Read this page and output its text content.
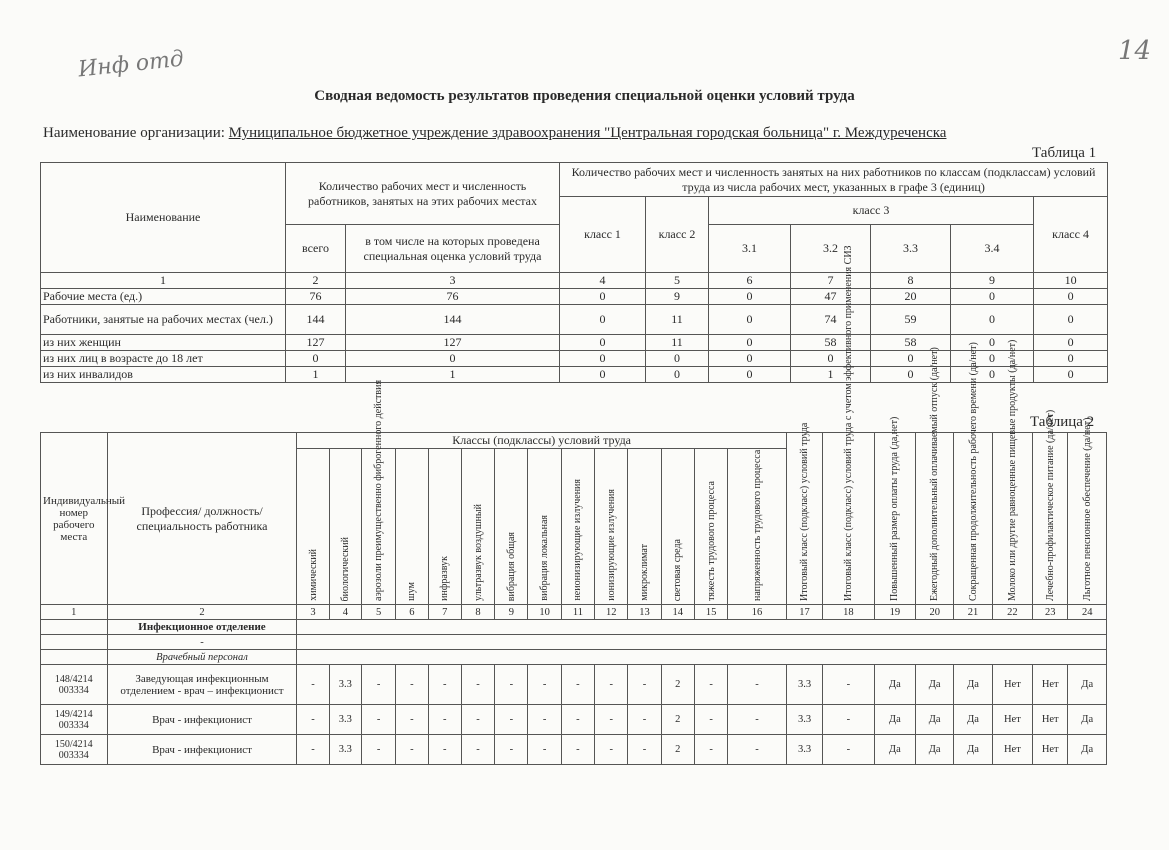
Инф отд	14
Сводная ведомость результатов проведения специальной оценки условий труда
Наименование организации: Муниципальное бюджетное учреждение здравоохранения "Центральная городская больница" г. Междуреченска
Таблица 1
Наименование	Количество рабочих мест и численность работников, занятых на этих рабочих местах		Количество рабочих мест и численность занятых на них работников по классам (подклассам) условий труда из числа рабочих мест, указанных в графе 3 (единиц)						
			класс 1	класс 2	класс 3				класс 4
	всего	в том числе на которых проведена специальная оценка условий труда			3.1	3.2	3.3	3.4	
1	2	3	4	5	6	7	8	9	10
Рабочие места (ед.)	76	76	0	9	0	47	20	0	0
Работники, занятые на рабочих местах (чел.)	144	144	0	11	0	74	59	0	0
из них женщин	127	127	0	11	0	58	58	0	0
из них лиц в возрасте до 18 лет	0	0	0	0	0	0	0	0	0
из них инвалидов	1	1	0	0	0	1	0	0	0
Таблица 2
Индивидуальный номер рабочего места	Профессия/ должность/ специальность работника	Классы (подклассы) условий труда														Итоговый класс (подкласс) условий труда	Итоговый класс (подкласс) условий труда с учетом эффективного применения СИЗ	Повышенный размер оплаты труда (да,нет)	Ежегодный дополнительный оплачиваемый отпуск (да/нет)	Сокращенная продолжительность рабочего времени (да/нет)	Молоко или другие равноценные пищевые продукты (да/нет)	Лечебно-профилактическое питание (да/нет)	Льготное пенсионное обеспечение (да/нет)
		химический	биологический	аэрозоли преимущественно фиброгенного действия	шум	инфразвук	ультразвук воздушный	вибрация общая	вибрация локальная	неионизирующие излучения	ионизирующие излучения	микроклимат	световая среда	тяжесть трудового процесса	напряженность трудового процесса								
1	2	3	4	5	6	7	8	9	10	11	12	13	14	15	16	17	18	19	20	21	22	23	24
	Инфекционное отделение																						
	-																						
	Врачебный персонал																						
148/4214 003334	Заведующая инфекционным отделением - врач – инфекционист	-	3.3	-	-	-	-	-	-	-	-	-	2	-	-	3.3	-	Да	Да	Да	Нет	Нет	Да
149/4214 003334	Врач - инфекционист	-	3.3	-	-	-	-	-	-	-	-	-	2	-	-	3.3	-	Да	Да	Да	Нет	Нет	Да
150/4214 003334	Врач - инфекционист	-	3.3	-	-	-	-	-	-	-	-	-	2	-	-	3.3	-	Да	Да	Да	Нет	Нет	Да
